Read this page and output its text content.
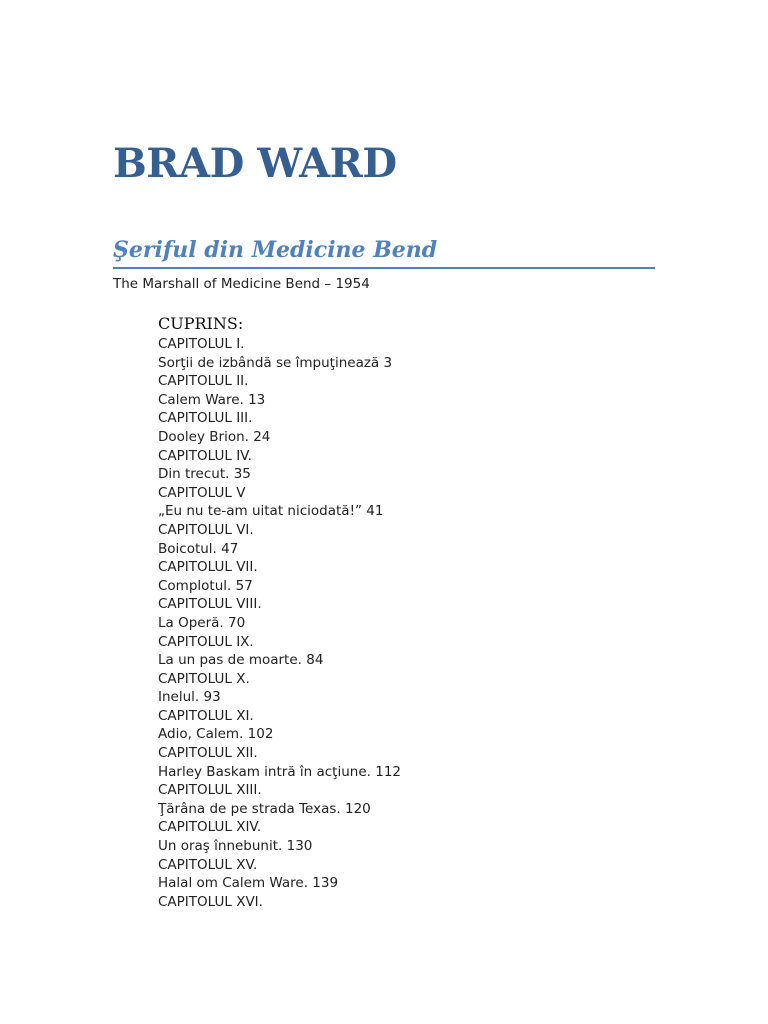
BRAD WARD
Şeriful din Medicine Bend
The Marshall of Medicine Bend – 1954
CUPRINS:
CAPITOLUL I.
Sorţii de izbândă se împuţinează 3
CAPITOLUL II.
Calem Ware. 13
CAPITOLUL III.
Dooley Brion. 24
CAPITOLUL IV.
Din trecut. 35
CAPITOLUL V
„Eu nu te-am uitat niciodată!” 41
CAPITOLUL VI.
Boicotul. 47
CAPITOLUL VII.
Complotul. 57
CAPITOLUL VIII.
La Operă. 70
CAPITOLUL IX.
La un pas de moarte. 84
CAPITOLUL X.
Inelul. 93
CAPITOLUL XI.
Adio, Calem. 102
CAPITOLUL XII.
Harley Baskam intră în acţiune. 112
CAPITOLUL XIII.
Ţărâna de pe strada Texas. 120
CAPITOLUL XIV.
Un oraş înnebunit. 130
CAPITOLUL XV.
Halal om Calem Ware. 139
CAPITOLUL XVI.
